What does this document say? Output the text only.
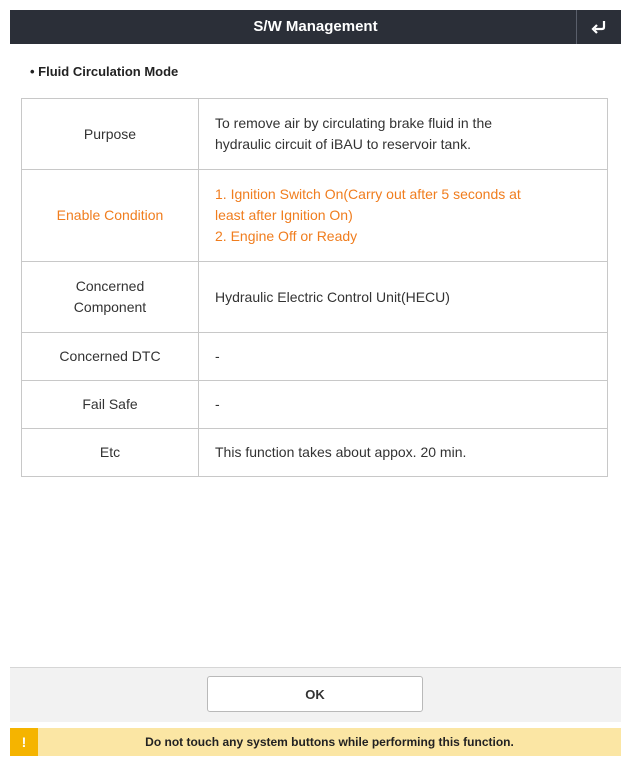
S/W Management
• Fluid Circulation Mode
Purpose	To remove air by circulating brake fluid in the
hydraulic circuit of iBAU to reservoir tank.

Enable Condition	1. Ignition Switch On(Carry out after 5 seconds at
least after Ignition On)
2. Engine Off or Ready

Concerned
Component	Hydraulic Electric Control Unit(HECU)

Concerned DTC	-

Fail Safe	-

Etc	This function takes about appox. 20 min.
OK
!	Do not touch any system buttons while performing this function.
